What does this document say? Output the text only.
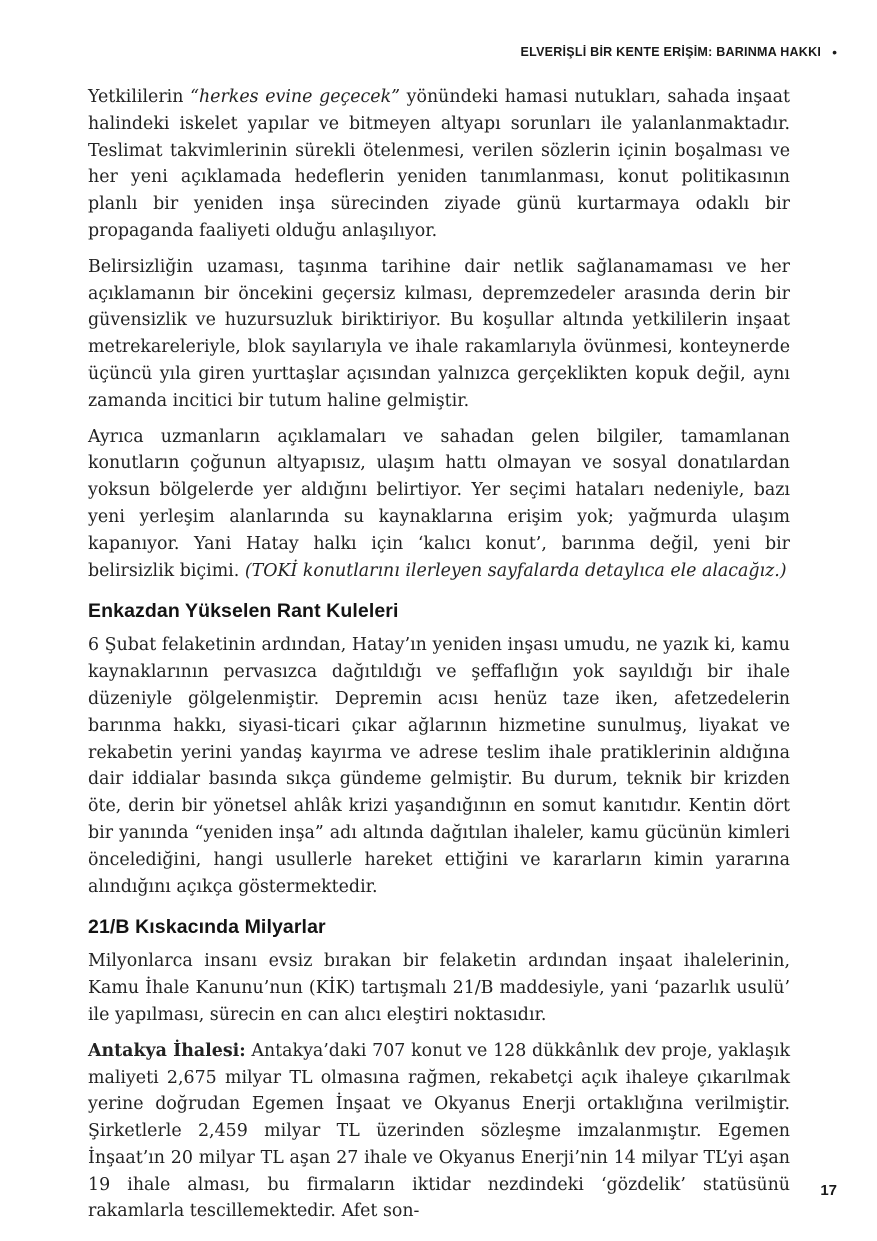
ELVERİŞLİ BİR KENTE ERİŞİM: BARINMA HAKKI •

Yetkililerin “herkes evine geçecek” yönündeki hamasi nutukları, sahada inşaat halindeki iskelet yapılar ve bitmeyen altyapı sorunları ile yalanlanmaktadır. Teslimat takvimlerinin sürekli ötelenmesi, verilen sözlerin içinin boşalması ve her yeni açıklamada hedeflerin yeniden tanımlanması, konut politikasının planlı bir yeniden inşa sürecinden ziyade günü kurtarmaya odaklı bir propaganda faaliyeti olduğu anlaşılıyor.

Belirsizliğin uzaması, taşınma tarihine dair netlik sağlanamaması ve her açıklamanın bir öncekini geçersiz kılması, depremzedeler arasında derin bir güvensizlik ve huzursuzluk biriktiriyor. Bu koşullar altında yetkililerin inşaat metrekareleriyle, blok sayılarıyla ve ihale rakamlarıyla övünmesi, konteynerde üçüncü yıla giren yurttaşlar açısından yalnızca gerçeklikten kopuk değil, aynı zamanda incitici bir tutum haline gelmiştir.

Ayrıca uzmanların açıklamaları ve sahadan gelen bilgiler, tamamlanan konutların çoğunun altyapısız, ulaşım hattı olmayan ve sosyal donatılardan yoksun bölgelerde yer aldığını belirtiyor. Yer seçimi hataları nedeniyle, bazı yeni yerleşim alanlarında su kaynaklarına erişim yok; yağmurda ulaşım kapanıyor. Yani Hatay halkı için ‘kalıcı konut’, barınma değil, yeni bir belirsizlik biçimi. (TOKİ konutlarını ilerleyen sayfalarda detaylıca ele alacağız.)

Enkazdan Yükselen Rant Kuleleri

6 Şubat felaketinin ardından, Hatay’ın yeniden inşası umudu, ne yazık ki, kamu kaynaklarının pervasızca dağıtıldığı ve şeffaflığın yok sayıldığı bir ihale düzeniyle gölgelenmiştir. Depremin acısı henüz taze iken, afetzedelerin barınma hakkı, siyasi-ticari çıkar ağlarının hizmetine sunulmuş, liyakat ve rekabetin yerini yandaş kayırma ve adrese teslim ihale pratiklerinin aldığına dair iddialar basında sıkça gündeme gelmiştir. Bu durum, teknik bir krizden öte, derin bir yönetsel ahlâk krizi yaşandığının en somut kanıtıdır. Kentin dört bir yanında “yeniden inşa” adı altında dağıtılan ihaleler, kamu gücünün kimleri öncelediğini, hangi usullerle hareket ettiğini ve kararların kimin yararına alındığını açıkça göstermektedir.

21/B Kıskacında Milyarlar

Milyonlarca insanı evsiz bırakan bir felaketin ardından inşaat ihalelerinin, Kamu İhale Kanunu’nun (KİK) tartışmalı 21/B maddesiyle, yani ‘pazarlık usulü’ ile yapılması, sürecin en can alıcı eleştiri noktasıdır.

Antakya İhalesi: Antakya’daki 707 konut ve 128 dükkânlık dev proje, yaklaşık maliyeti 2,675 milyar TL olmasına rağmen, rekabetçi açık ihaleye çıkarılmak yerine doğrudan Egemen İnşaat ve Okyanus Enerji ortaklığına verilmiştir. Şirketlerle 2,459 milyar TL üzerinden sözleşme imzalanmıştır. Egemen İnşaat’ın 20 milyar TL aşan 27 ihale ve Okyanus Enerji’nin 14 milyar TL’yi aşan 19 ihale alması, bu firmaların iktidar nezdindeki ‘gözdelik’ statüsünü rakamlarla tescillemektedir. Afet son-

17
